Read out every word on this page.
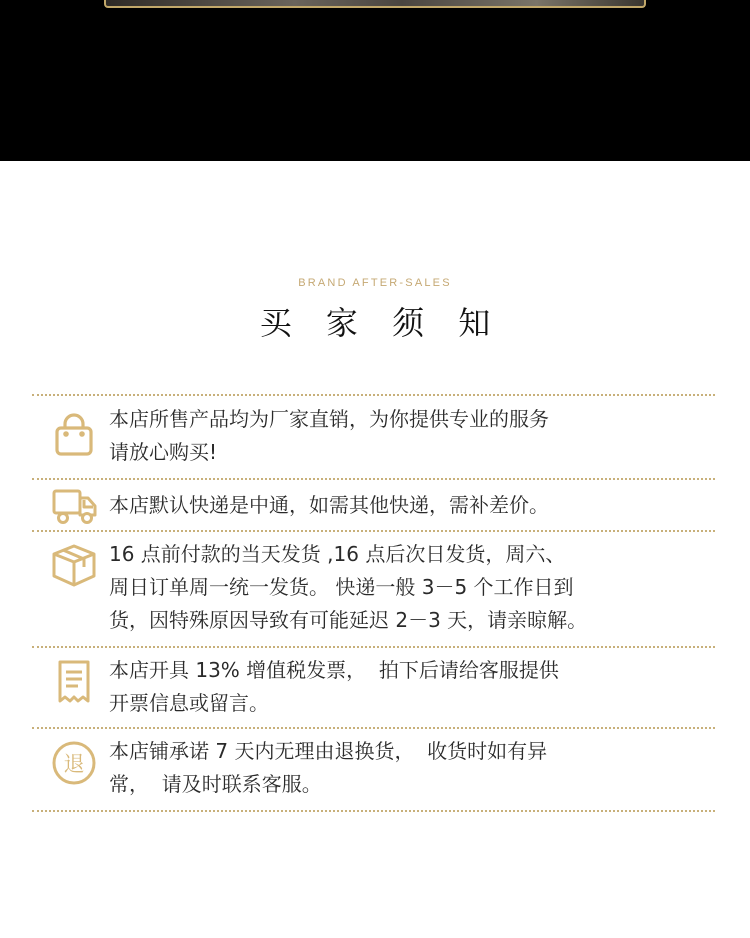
BRAND AFTER-SALES
买 家 须 知
本店所售产品均为厂家直销，为你提供专业的服务
请放心购买!
本店默认快递是中通，如需其他快递，需补差价。
16 点前付款的当天发货 ,16 点后次日发货，周六、
周日订单周一统一发货。 快递一般 3－5 个工作日到
货，因特殊原因导致有可能延迟 2－3 天，请亲晾解。
本店开具 13% 增值税发票，  拍下后请给客服提供
开票信息或留言。
退
本店铺承诺 7 天内无理由退换货，  收货时如有异
常，  请及时联系客服。
